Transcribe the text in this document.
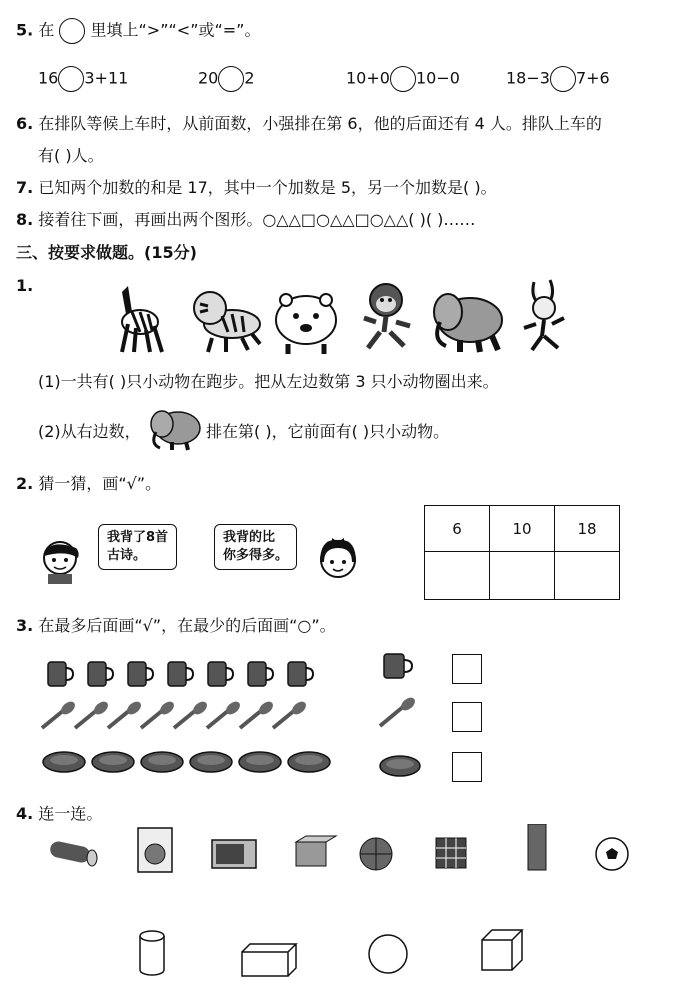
5. 在 里填上“>”“<”或“=”。
16 3+11	20 2	10+0 10−0	18−3 7+6
6. 在排队等候上车时，从前面数，小强排在第 6，他的后面还有 4 人。排队上车的
有( )人。
7. 已知两个加数的和是 17，其中一个加数是 5，另一个加数是( )。
8. 接着往下画，再画出两个图形。○△△□○△△□○△△( )( )……
三、按要求做题。(15分)
1.
(1)一共有( )只小动物在跑步。把从左边数第 3 只小动物圈出来。
(2)从右边数，	排在第( )，它前面有( )只小动物。
2. 猜一猜，画“√”。
我背了8首
古诗。
我背的比
你多得多。
6	10	18

3. 在最多后面画“√”，在最少的后面画“○”。
4. 连一连。
